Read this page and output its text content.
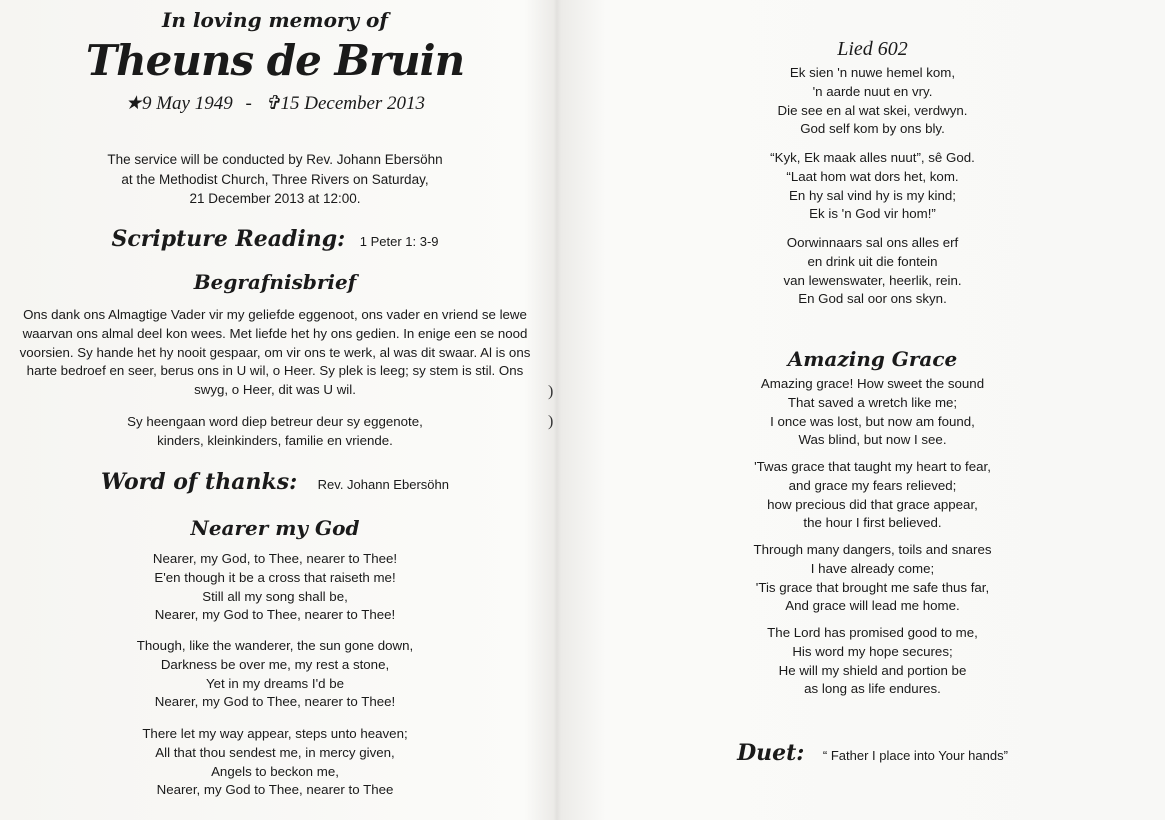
In loving memory of
Theuns de Bruin
★9 May 1949 - ✞15 December 2013
The service will be conducted by Rev. Johann Ebersöhn
at the Methodist Church, Three Rivers on Saturday,
21 December 2013 at 12:00.
Scripture Reading: 1 Peter 1: 3-9
Begrafnisbrief
Ons dank ons Almagtige Vader vir my geliefde eggenoot, ons vader en vriend se lewe
waarvan ons almal deel kon wees. Met liefde het hy ons gedien. In enige een se nood
voorsien. Sy hande het hy nooit gespaar, om vir ons te werk, al was dit swaar. Al is ons
harte bedroef en seer, berus ons in U wil, o Heer. Sy plek is leeg; sy stem is stil. Ons
swyg, o Heer, dit was U wil.
Sy heengaan word diep betreur deur sy eggenote,
kinders, kleinkinders, familie en vriende.
Word of thanks: Rev. Johann Ebersöhn
Nearer my God
Nearer, my God, to Thee, nearer to Thee!
E'en though it be a cross that raiseth me!
Still all my song shall be,
Nearer, my God to Thee, nearer to Thee!
Though, like the wanderer, the sun gone down,
Darkness be over me, my rest a stone,
Yet in my dreams I'd be
Nearer, my God to Thee, nearer to Thee!
There let my way appear, steps unto heaven;
All that thou sendest me, in mercy given,
Angels to beckon me,
Nearer, my God to Thee, nearer to Thee
)
)
Lied 602
Ek sien 'n nuwe hemel kom,
'n aarde nuut en vry.
Die see en al wat skei, verdwyn.
God self kom by ons bly.
“Kyk, Ek maak alles nuut”, sê God.
“Laat hom wat dors het, kom.
En hy sal vind hy is my kind;
Ek is 'n God vir hom!”
Oorwinnaars sal ons alles erf
en drink uit die fontein
van lewenswater, heerlik, rein.
En God sal oor ons skyn.
Amazing Grace
Amazing grace! How sweet the sound
That saved a wretch like me;
I once was lost, but now am found,
Was blind, but now I see.
'Twas grace that taught my heart to fear,
and grace my fears relieved;
how precious did that grace appear,
the hour I first believed.
Through many dangers, toils and snares
I have already come;
'Tis grace that brought me safe thus far,
And grace will lead me home.
The Lord has promised good to me,
His word my hope secures;
He will my shield and portion be
as long as life endures.
Duet: “ Father I place into Your hands”
